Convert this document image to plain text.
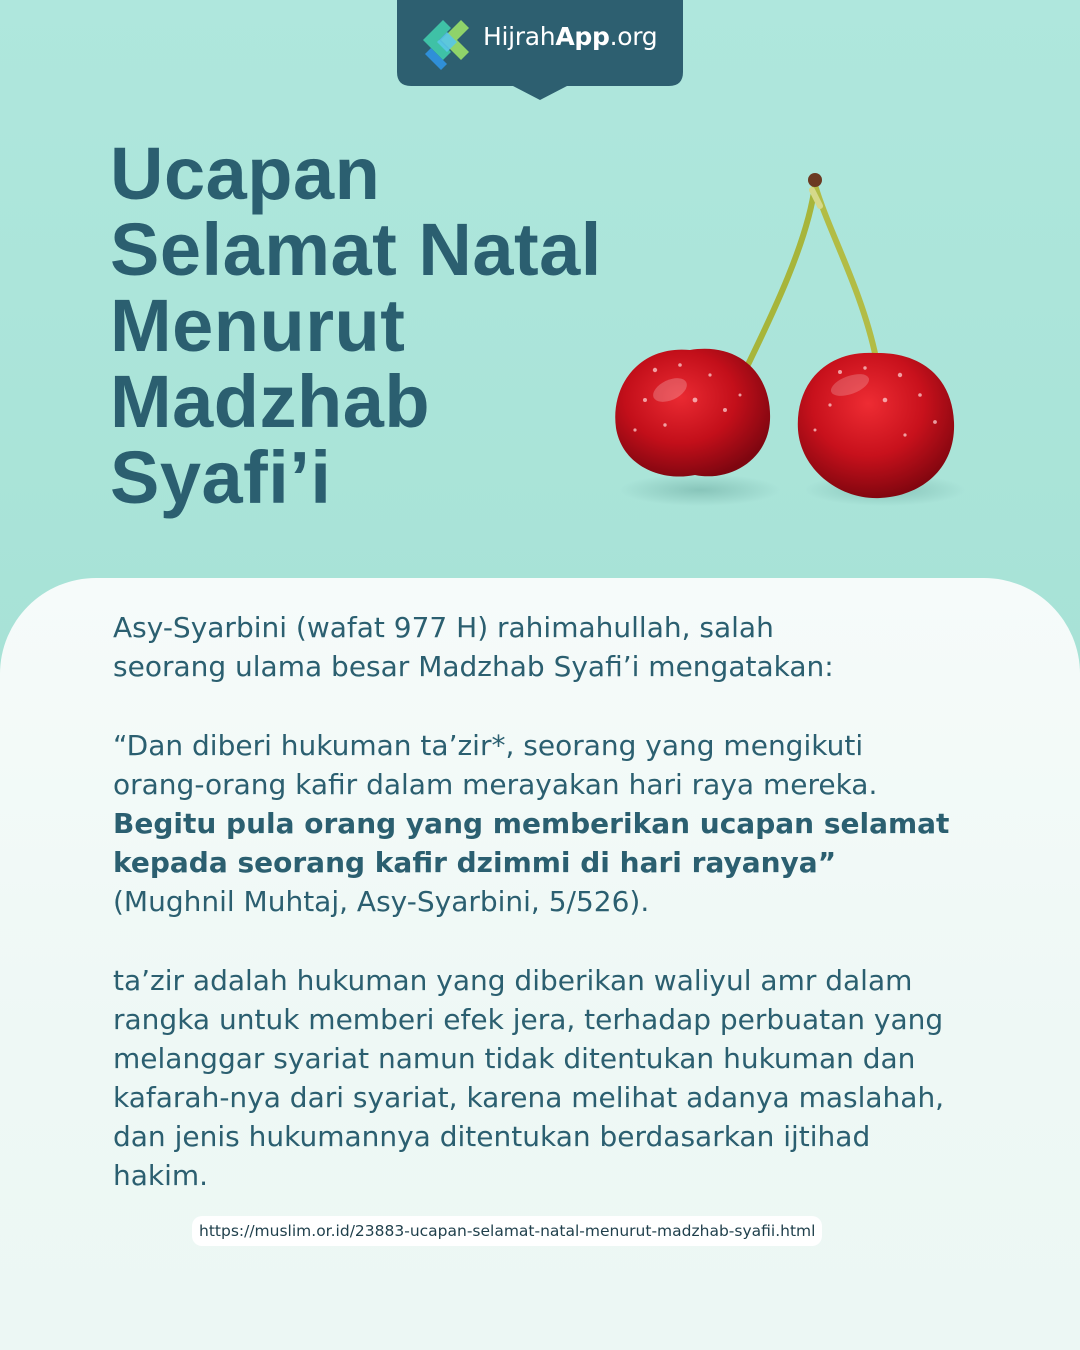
HijrahApp.org
Ucapan
Selamat Natal
Menurut
Madzhab
Syafi’i

Asy-Syarbini (wafat 977 H) rahimahullah, salah

seorang ulama besar Madzhab Syafi’i mengatakan:

“Dan diberi hukuman ta’zir*, seorang yang mengikuti

orang-orang kafir dalam merayakan hari raya mereka.

Begitu pula orang yang memberikan ucapan selamat

kepada seorang kafir dzimmi di hari rayanya”

(Mughnil Muhtaj, Asy-Syarbini, 5/526).

ta’zir adalah hukuman yang diberikan waliyul amr dalam

rangka untuk memberi efek jera, terhadap perbuatan yang

melanggar syariat namun tidak ditentukan hukuman dan

kafarah-nya dari syariat, karena melihat adanya maslahah,

dan jenis hukumannya ditentukan berdasarkan ijtihad

hakim.

https://muslim.or.id/23883-ucapan-selamat-natal-menurut-madzhab-syafii.html
